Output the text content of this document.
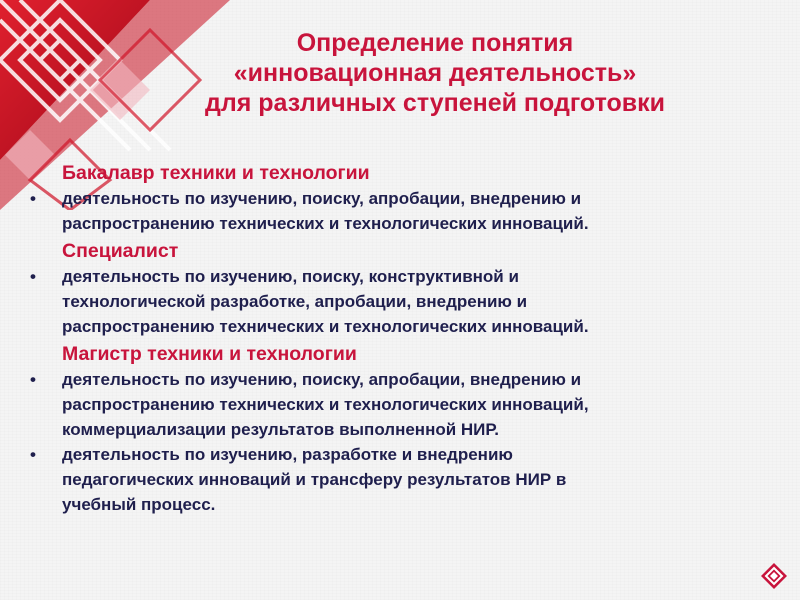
Определение понятия
«инновационная деятельность»
для различных ступеней подготовки
Бакалавр техники и технологии
• деятельность по изучению, поиску, апробации, внедрению и
распространению технических и технологических инноваций.
Специалист
• деятельность по изучению, поиску, конструктивной и
технологической разработке, апробации, внедрению и
распространению технических и технологических инноваций.
Магистр техники и технологии
• деятельность по изучению, поиску, апробации, внедрению и
распространению технических и технологических инноваций,
коммерциализации результатов выполненной НИР.
• деятельность по изучению, разработке и внедрению
педагогических инноваций и трансферу результатов НИР в
учебный процесс.
